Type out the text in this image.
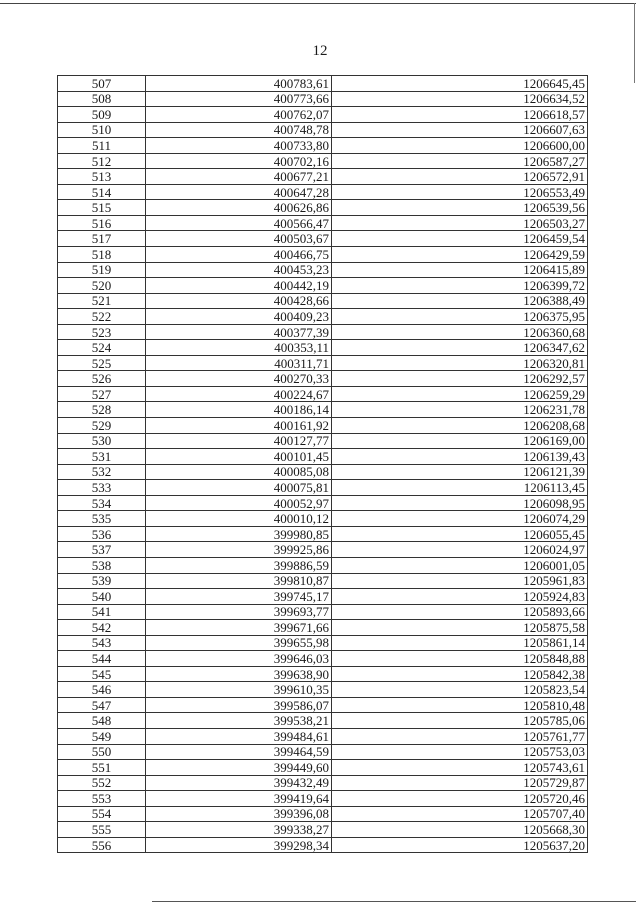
12
507	400783,61	1206645,45
508	400773,66	1206634,52
509	400762,07	1206618,57
510	400748,78	1206607,63
511	400733,80	1206600,00
512	400702,16	1206587,27
513	400677,21	1206572,91
514	400647,28	1206553,49
515	400626,86	1206539,56
516	400566,47	1206503,27
517	400503,67	1206459,54
518	400466,75	1206429,59
519	400453,23	1206415,89
520	400442,19	1206399,72
521	400428,66	1206388,49
522	400409,23	1206375,95
523	400377,39	1206360,68
524	400353,11	1206347,62
525	400311,71	1206320,81
526	400270,33	1206292,57
527	400224,67	1206259,29
528	400186,14	1206231,78
529	400161,92	1206208,68
530	400127,77	1206169,00
531	400101,45	1206139,43
532	400085,08	1206121,39
533	400075,81	1206113,45
534	400052,97	1206098,95
535	400010,12	1206074,29
536	399980,85	1206055,45
537	399925,86	1206024,97
538	399886,59	1206001,05
539	399810,87	1205961,83
540	399745,17	1205924,83
541	399693,77	1205893,66
542	399671,66	1205875,58
543	399655,98	1205861,14
544	399646,03	1205848,88
545	399638,90	1205842,38
546	399610,35	1205823,54
547	399586,07	1205810,48
548	399538,21	1205785,06
549	399484,61	1205761,77
550	399464,59	1205753,03
551	399449,60	1205743,61
552	399432,49	1205729,87
553	399419,64	1205720,46
554	399396,08	1205707,40
555	399338,27	1205668,30
556	399298,34	1205637,20
